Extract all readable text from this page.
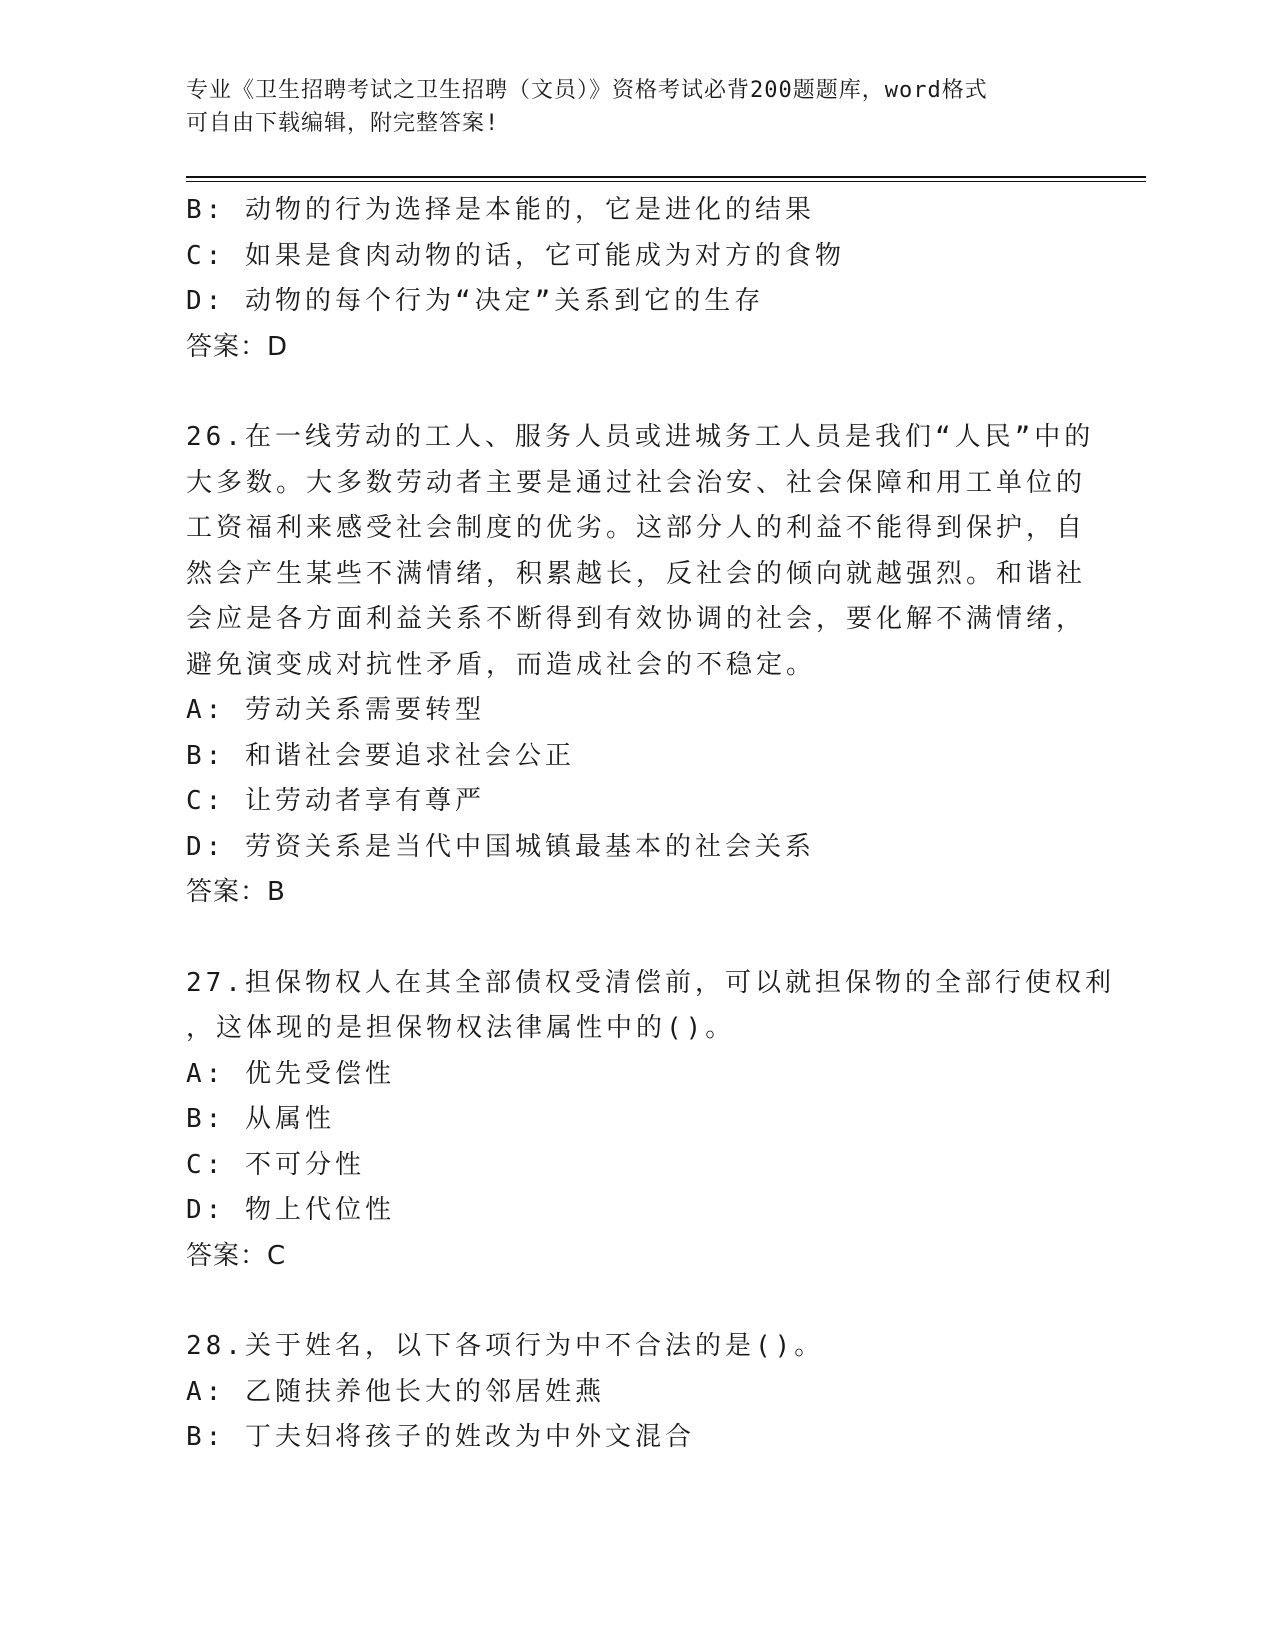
专业《卫生招聘考试之卫生招聘（文员）》资格考试必背200题题库，word格式
可自由下载编辑，附完整答案!
B: 动物的行为选择是本能的，它是进化的结果
C: 如果是食肉动物的话，它可能成为对方的食物
D: 动物的每个行为“决定”关系到它的生存
答案：D
26.在一线劳动的工人、服务人员或进城务工人员是我们“人民”中的
大多数。大多数劳动者主要是通过社会治安、社会保障和用工单位的
工资福利来感受社会制度的优劣。这部分人的利益不能得到保护，自
然会产生某些不满情绪，积累越长，反社会的倾向就越强烈。和谐社
会应是各方面利益关系不断得到有效协调的社会，要化解不满情绪，
避免演变成对抗性矛盾，而造成社会的不稳定。
A: 劳动关系需要转型
B: 和谐社会要追求社会公正
C: 让劳动者享有尊严
D: 劳资关系是当代中国城镇最基本的社会关系
答案：B
27.担保物权人在其全部债权受清偿前，可以就担保物的全部行使权利
，这体现的是担保物权法律属性中的()。
A: 优先受偿性
B: 从属性
C: 不可分性
D: 物上代位性
答案：C
28.关于姓名，以下各项行为中不合法的是()。
A: 乙随扶养他长大的邻居姓燕
B: 丁夫妇将孩子的姓改为中外文混合
